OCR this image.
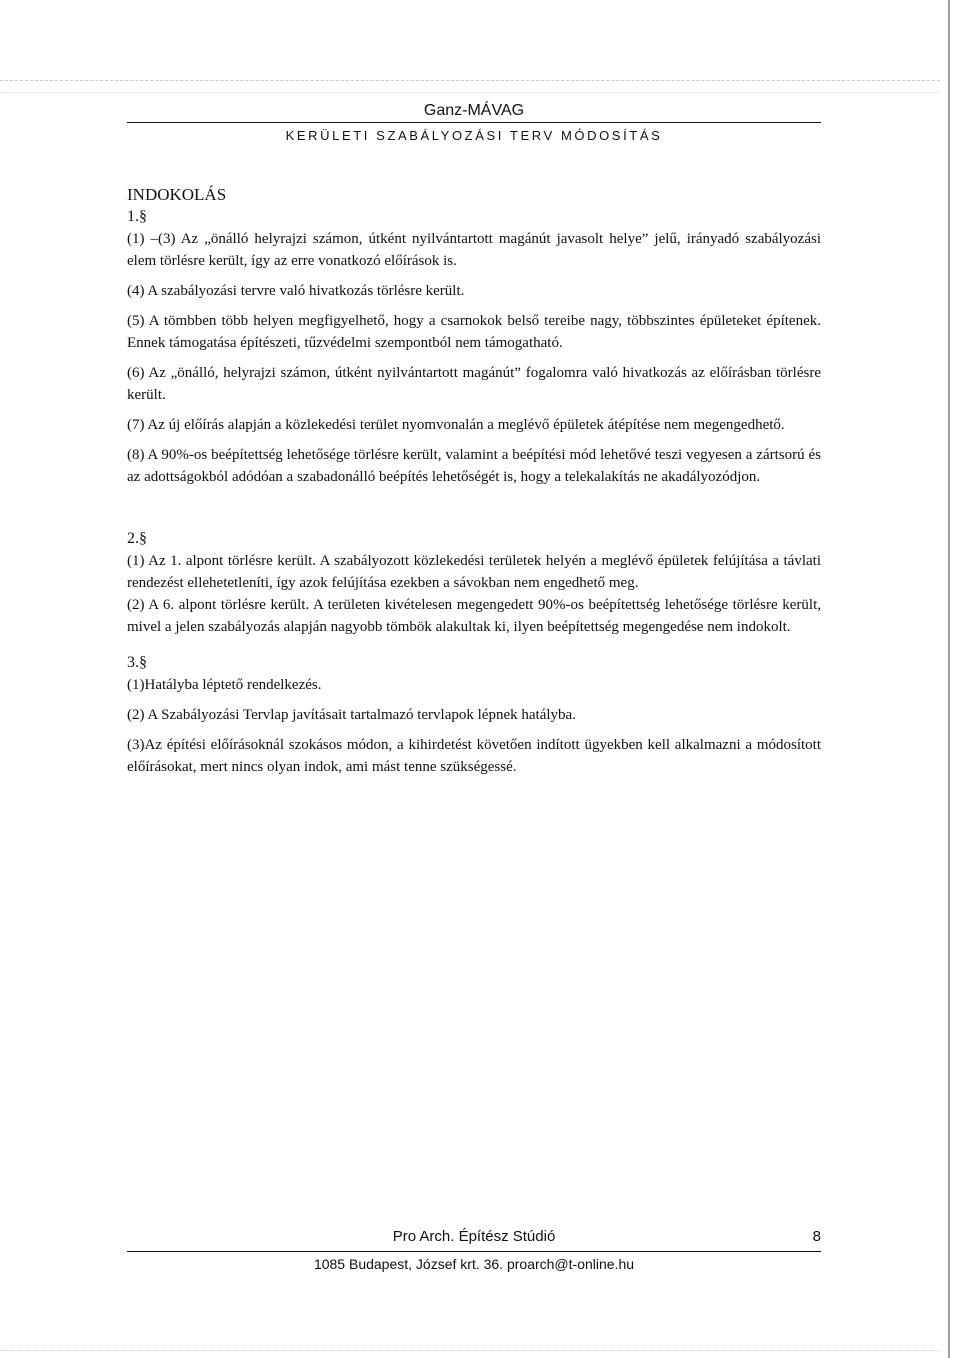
Ganz-MÁVAG
KERÜLETI SZABÁLYOZÁSI TERV MÓDOSÍTÁS

INDOKOLÁS

1.§

(1) –(3) Az „önálló helyrajzi számon, útként nyilvántartott magánút javasolt helye” jelű, irányadó szabályozási elem törlésre került, így az erre vonatkozó előírások is.

(4) A szabályozási tervre való hivatkozás törlésre került.

(5) A tömbben több helyen megfigyelhető, hogy a csarnokok belső tereibe nagy, többszintes épületeket építenek. Ennek támogatása építészeti, tűzvédelmi szempontból nem támogatható.

(6) Az „önálló, helyrajzi számon, útként nyilvántartott magánút” fogalomra való hivatkozás az előírásban törlésre került.

(7) Az új előírás alapján a közlekedési terület nyomvonalán a meglévő épületek átépítése nem megengedhető.

(8) A 90%-os beépítettség lehetősége törlésre került, valamint a beépítési mód lehetővé teszi vegyesen a zártsorú és az adottságokból adódóan a szabadonálló beépítés lehetőségét is, hogy a telekalakítás ne akadályozódjon.

2.§

(1) Az 1. alpont törlésre került. A szabályozott közlekedési területek helyén a meglévő épületek felújítása a távlati rendezést ellehetetleníti, így azok felújítása ezekben a sávokban nem engedhető meg.

(2) A 6. alpont törlésre került. A területen kivételesen megengedett 90%-os beépítettség lehetősége törlésre került, mivel a jelen szabályozás alapján nagyobb tömbök alakultak ki, ilyen beépítettség megengedése nem indokolt.

3.§

(1)Hatályba léptető rendelkezés.

(2) A Szabályozási Tervlap javításait tartalmazó tervlapok lépnek hatályba.

(3)Az építési előírásoknál szokásos módon, a kihirdetést követően indított ügyekben kell alkalmazni a módosított előírásokat, mert nincs olyan indok, ami mást tenne szükségessé.

Pro Arch. Építész Stúdió	8
1085 Budapest, József krt. 36. proarch@t-online.hu
